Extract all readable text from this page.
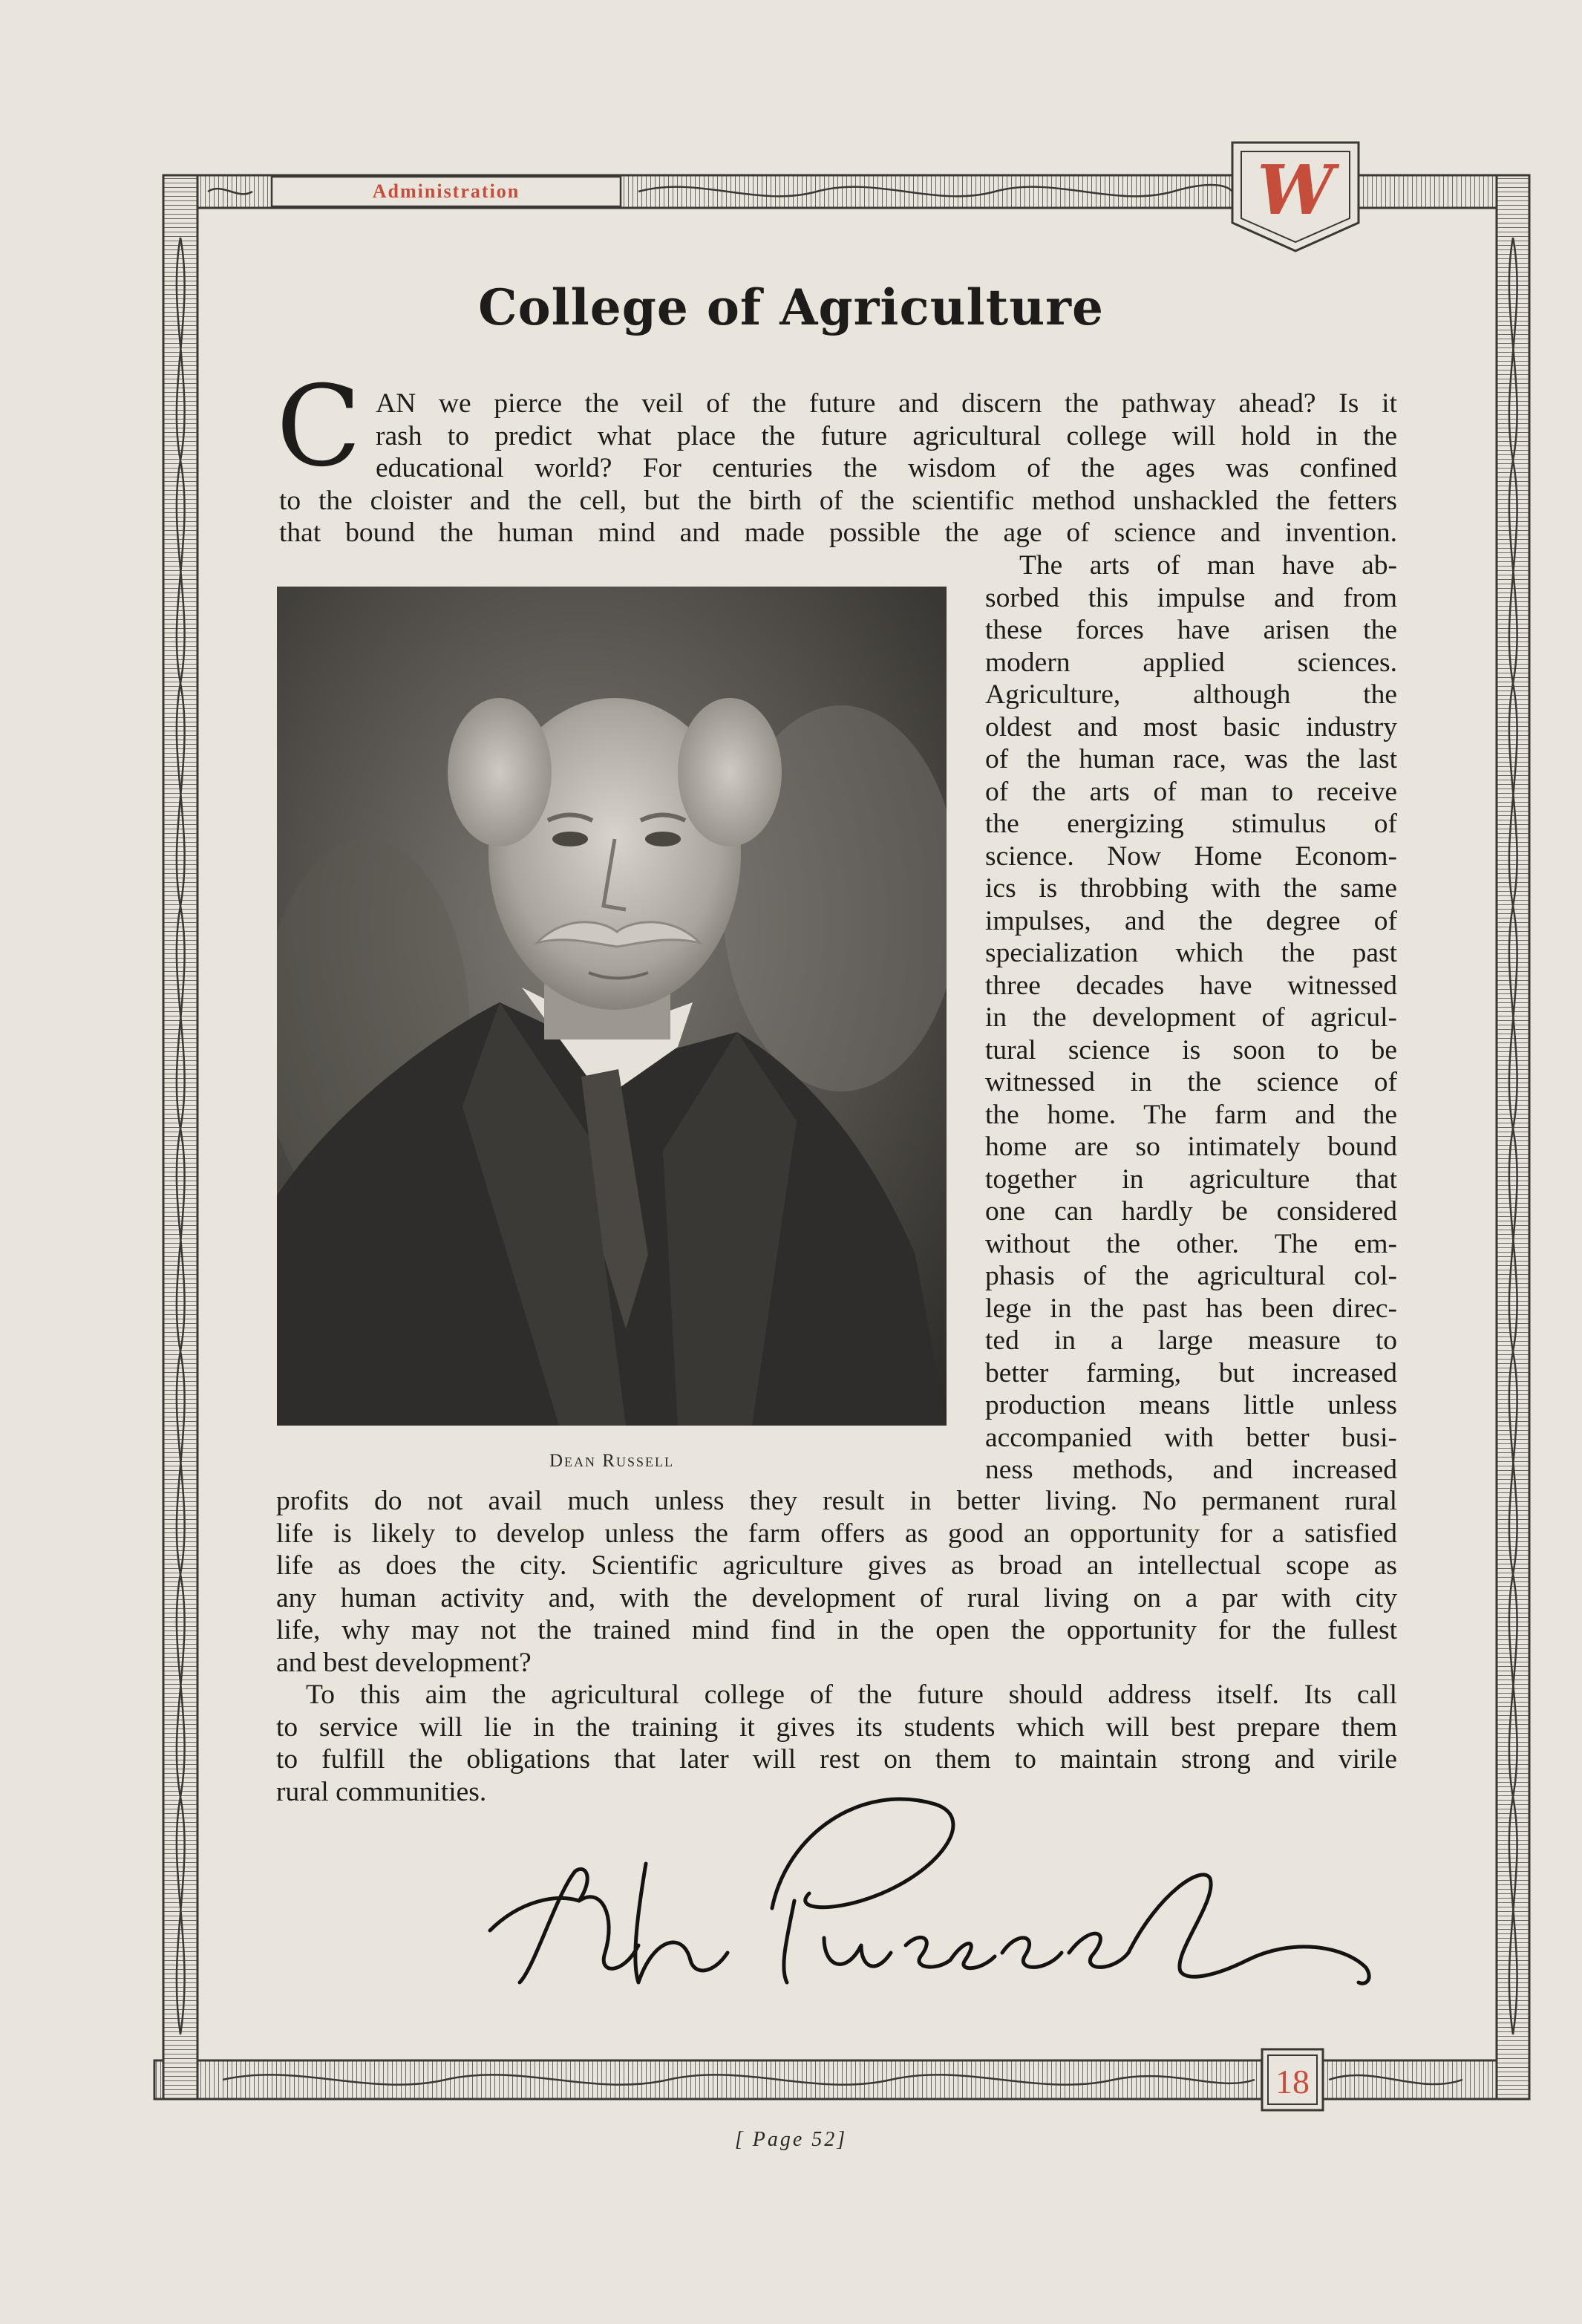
Administration	W
18
College of Agriculture
C AN we pierce the veil of the future and discern the pathway ahead? Is it
rash to predict what place the future agricultural college will hold in the
educational world? For centuries the wisdom of the ages was confined
to the cloister and the cell, but the birth of the scientific method unshackled the fetters
that bound the human mind and made possible the age of science and invention.
Dean Russell
The arts of man have ab-
sorbed this impulse and from
these forces have arisen the
modern applied sciences.
Agriculture, although the
oldest and most basic industry
of the human race, was the last
of the arts of man to receive
the energizing stimulus of
science. Now Home Econom-
ics is throbbing with the same
impulses, and the degree of
specialization which the past
three decades have witnessed
in the development of agricul-
tural science is soon to be
witnessed in the science of
the home. The farm and the
home are so intimately bound
together in agriculture that
one can hardly be considered
without the other. The em-
phasis of the agricultural col-
lege in the past has been direc-
ted in a large measure to
better farming, but increased
production means little unless
accompanied with better busi-
ness methods, and increased
profits do not avail much unless they result in better living. No permanent rural
life is likely to develop unless the farm offers as good an opportunity for a satisfied
life as does the city. Scientific agriculture gives as broad an intellectual scope as
any human activity and, with the development of rural living on a par with city
life, why may not the trained mind find in the open the opportunity for the fullest
and best development?
To this aim the agricultural college of the future should address itself. Its call
to service will lie in the training it gives its students which will best prepare them
to fulfill the obligations that later will rest on them to maintain strong and virile
rural communities.
[ Page 52]
